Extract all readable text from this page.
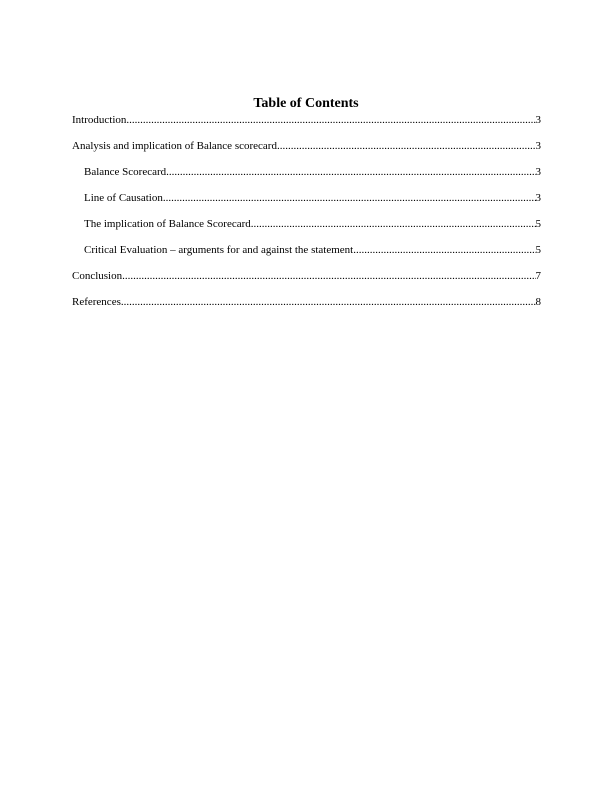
Table of Contents
Introduction .....	3
Analysis and implication of Balance scorecard .....	3
Balance Scorecard .....	3
Line of Causation .....	3
The implication of Balance Scorecard .....	5
Critical Evaluation – arguments for and against the statement .....	5
Conclusion .....	7
References .....	8
